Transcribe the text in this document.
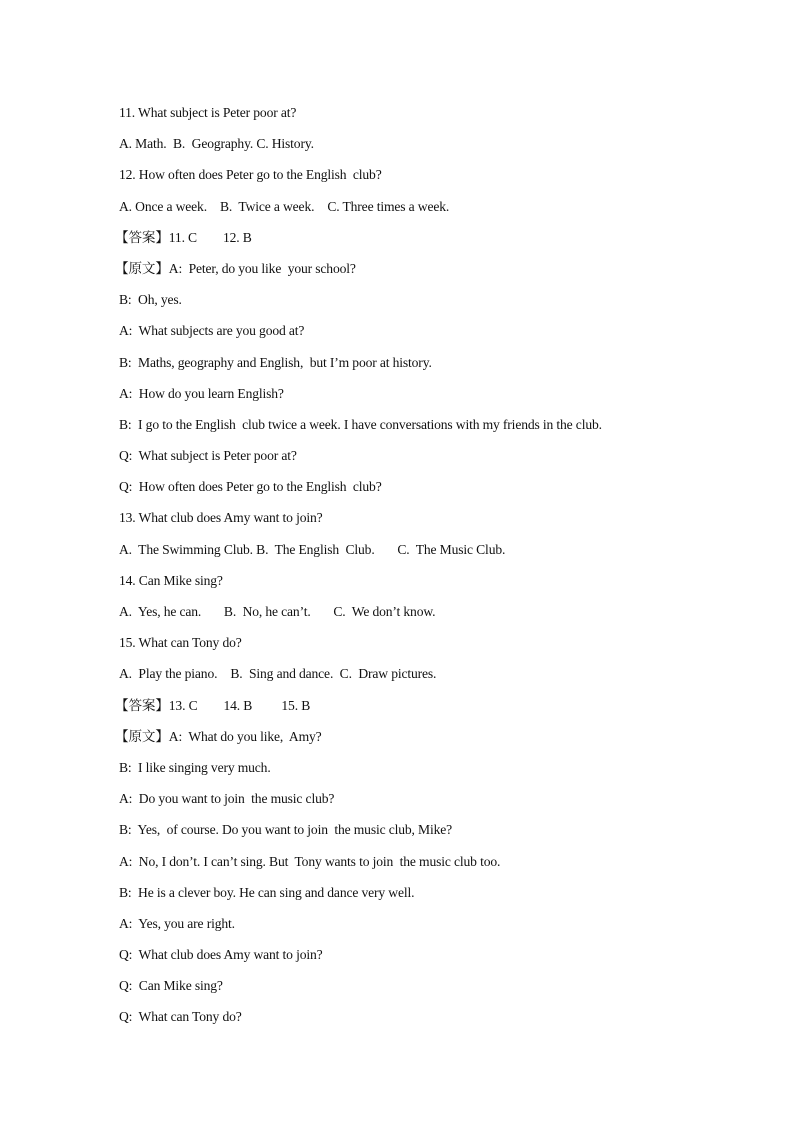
11. What subject is Peter poor at?
A. Math.  B.  Geography. C. History.
12. How often does Peter go to the English  club?
A. Once a week.    B.  Twice a week.    C. Three times a week.
【答案】11. C        12. B
【原文】A:  Peter, do you like  your school?
B:  Oh, yes.
A:  What subjects are you good at?
B:  Maths, geography and English,  but I’m poor at history.
A:  How do you learn English?
B:  I go to the English  club twice a week. I have conversations with my friends in the club.
Q:  What subject is Peter poor at?
Q:  How often does Peter go to the English  club?
13. What club does Amy want to join?
A.  The Swimming Club. B.  The English  Club.       C.  The Music Club.
14. Can Mike sing?
A.  Yes, he can.       B.  No, he can’t.       C.  We don’t know.
15. What can Tony do?
A.  Play the piano.    B.  Sing and dance.  C.  Draw pictures.
【答案】13. C        14. B         15. B
【原文】A:  What do you like,  Amy?
B:  I like singing very much.
A:  Do you want to join  the music club?
B:  Yes,  of course. Do you want to join  the music club, Mike?
A:  No, I don’t. I can’t sing. But  Tony wants to join  the music club too.
B:  He is a clever boy. He can sing and dance very well.
A:  Yes, you are right.
Q:  What club does Amy want to join?
Q:  Can Mike sing?
Q:  What can Tony do?
